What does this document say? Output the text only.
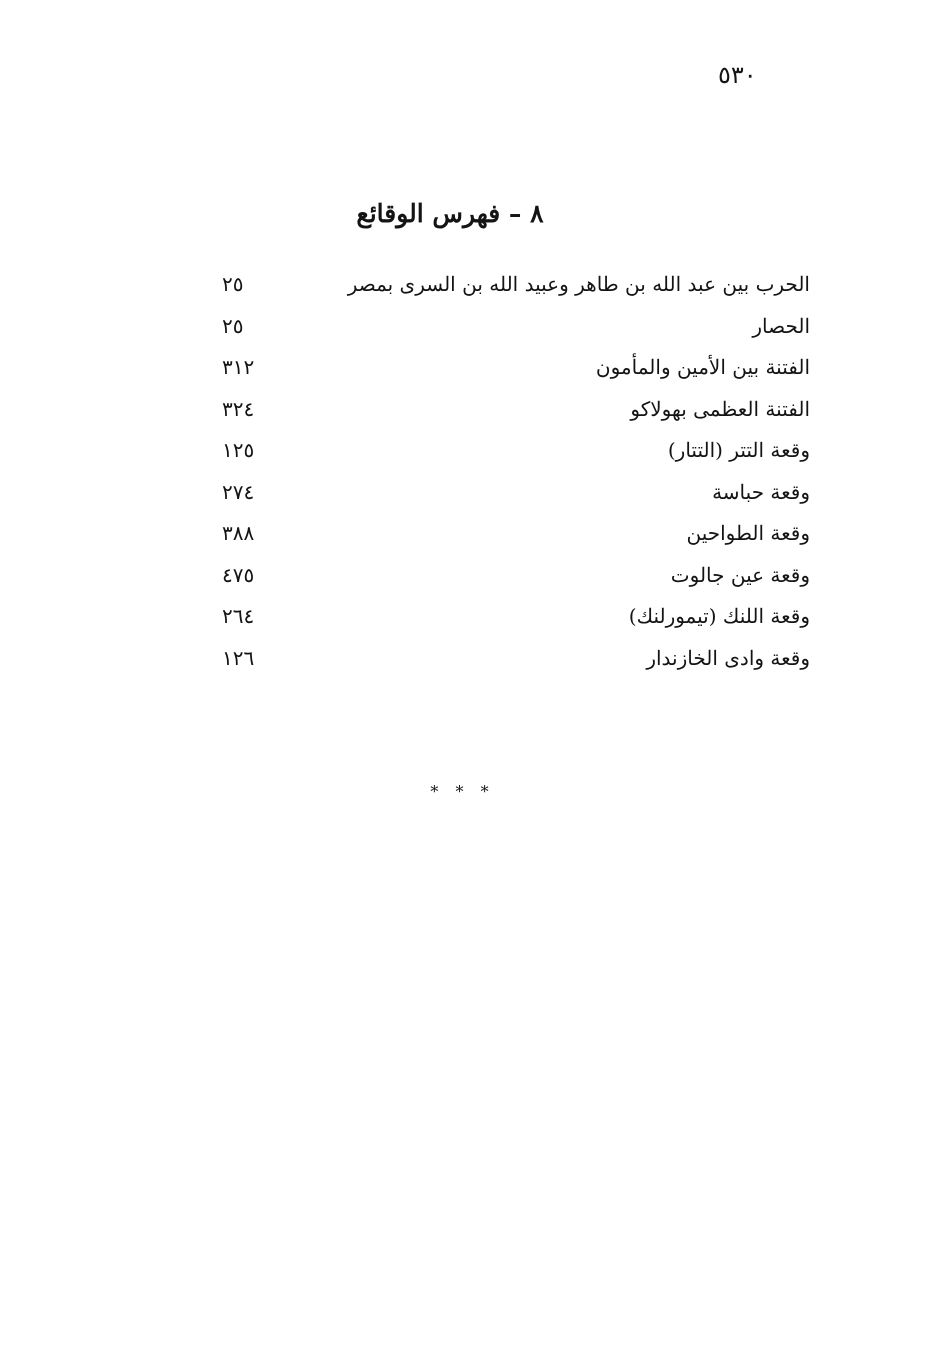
٥٣٠
٨ – فهرس الوقائع
الحرب بين عبد الله بن طاهر وعبيد الله بن السرى بمصر
٢٥
الحصار
٢٥
الفتنة بين الأمين والمأمون
٣١٢
الفتنة العظمى بهولاكو
٣٢٤
وقعة التتر (التتار)
١٢٥
وقعة حباسة
٢٧٤
وقعة الطواحين
٣٨٨
وقعة عين جالوت
٤٧٥
وقعة اللنك (تيمورلنك)
٢٦٤
وقعة وادى الخازندار
١٢٦
* * *
